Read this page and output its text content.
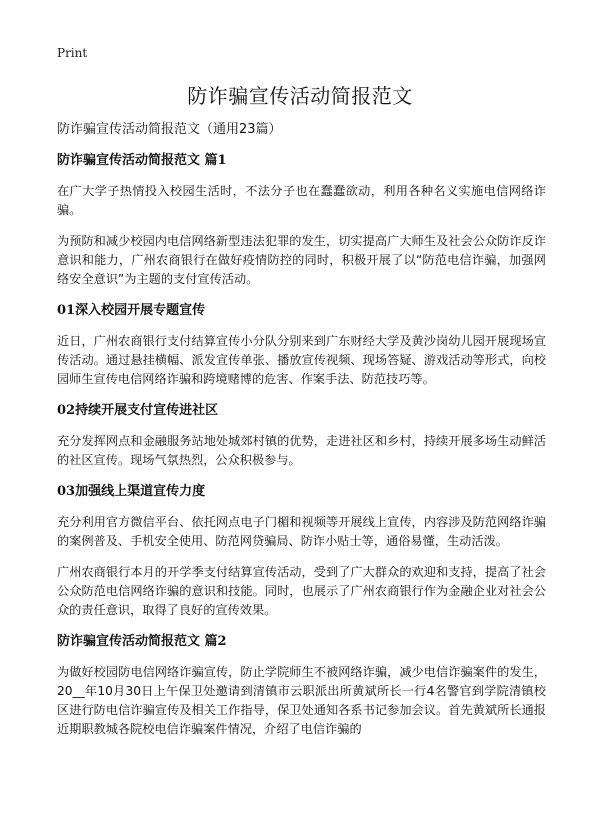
Print
防诈骗宣传活动简报范文

防诈骗宣传活动简报范文（通用23篇）

防诈骗宣传活动简报范文 篇1

在广大学子热情投入校园生活时，不法分子也在蠢蠢欲动，利用各种名义实施电信网络诈骗。

为预防和减少校园内电信网络新型违法犯罪的发生，切实提高广大师生及社会公众防诈反诈意识和能力，广州农商银行在做好疫情防控的同时，积极开展了以“防范电信诈骗，加强网络安全意识”为主题的支付宣传活动。

01深入校园开展专题宣传

近日，广州农商银行支付结算宣传小分队分别来到广东财经大学及黄沙岗幼儿园开展现场宣传活动。通过悬挂横幅、派发宣传单张、播放宣传视频、现场答疑、游戏活动等形式，向校园师生宣传电信网络诈骗和跨境赌博的危害、作案手法、防范技巧等。

02持续开展支付宣传进社区

充分发挥网点和金融服务站地处城郊村镇的优势，走进社区和乡村，持续开展多场生动鲜活的社区宣传。现场气氛热烈，公众积极参与。

03加强线上渠道宣传力度

充分利用官方微信平台、依托网点电子门楣和视频等开展线上宣传，内容涉及防范网络诈骗的案例普及、手机安全使用、防范网贷骗局、防诈小贴士等，通俗易懂，生动活泼。

广州农商银行本月的开学季支付结算宣传活动，受到了广大群众的欢迎和支持，提高了社会公众防范电信网络诈骗的意识和技能。同时，也展示了广州农商银行作为金融企业对社会公众的责任意识，取得了良好的宣传效果。

防诈骗宣传活动简报范文 篇2

为做好校园防电信网络诈骗宣传，防止学院师生不被网络诈骗，减少电信诈骗案件的发生，20__年10月30日上午保卫处邀请到清镇市云职派出所黄斌所长一行4名警官到学院清镇校区进行防电信诈骗宣传及相关工作指导，保卫处通知各系书记参加会议。首先黄斌所长通报近期职教城各院校电信诈骗案件情况，介绍了电信诈骗的
